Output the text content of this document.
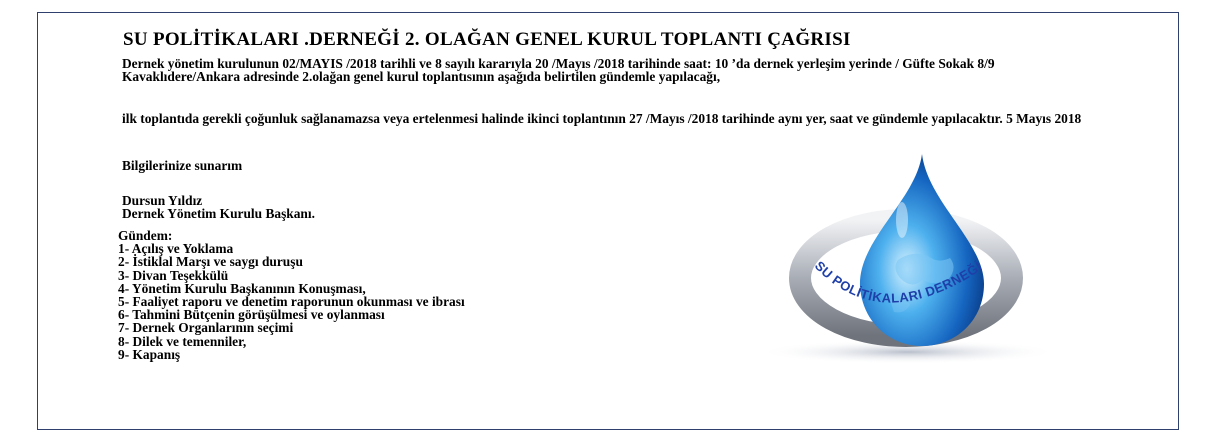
SU POLİTİKALARI .DERNEĞİ 2. OLAĞAN GENEL KURUL TOPLANTI ÇAĞRISI
Dernek yönetim kurulunun 02/MAYIS /2018 tarihli ve 8 sayılı kararıyla 20 /Mayıs /2018 tarihinde saat: 10 ’da dernek yerleşim yerinde / Güfte Sokak 8/9 Kavaklıdere/Ankara adresinde 2.olağan genel kurul toplantısının aşağıda belirtilen gündemle yapılacağı,
ilk toplantıda gerekli çoğunluk sağlanamazsa veya ertelenmesi halinde ikinci toplantının 27 /Mayıs /2018 tarihinde aynı yer, saat ve gündemle yapılacaktır. 5 Mayıs 2018
Bilgilerinize sunarım
Dursun Yıldız
Dernek Yönetim Kurulu Başkanı.
Gündem:
1- Açılış ve Yoklama
2- İstiklal Marşı ve saygı duruşu
3- Divan Teşekkülü
4- Yönetim Kurulu Başkanının Konuşması,
5- Faaliyet raporu ve denetim raporunun okunması ve ibrası
6- Tahmini Bütçenin görüşülmesi ve oylanması
7- Dernek Organlarının seçimi
8- Dilek ve temenniler,
9- Kapanış
SU POLİTİKALARI DERNEĞİ
